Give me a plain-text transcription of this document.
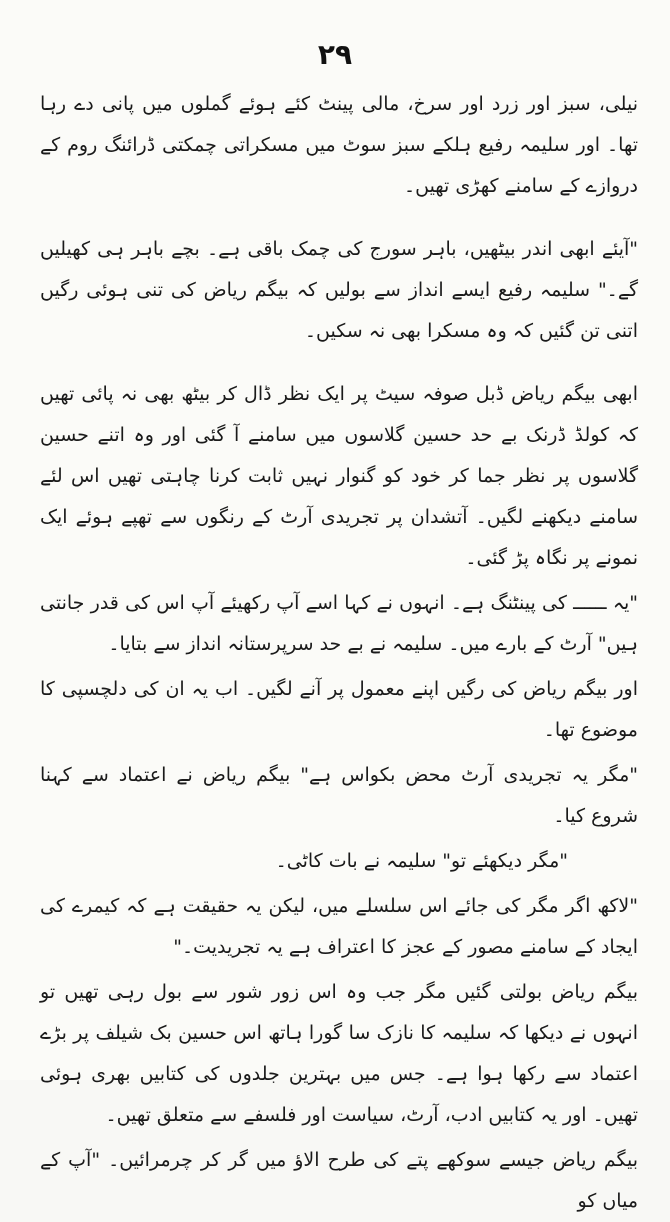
۲۹

نیلی، سبز اور زرد اور سرخ، مالی پینٹ کئے ہوئے گملوں میں پانی دے رہا تھا۔ اور سلیمہ رفیع ہلکے سبز سوٹ میں مسکراتی چمکتی ڈرائنگ روم کے دروازے کے سامنے کھڑی تھیں۔

"آیئے ابھی اندر بیٹھیں، باہر سورج کی چمک باقی ہے۔ بچے باہر ہی کھیلیں گے۔" سلیمہ رفیع ایسے انداز سے بولیں کہ بیگم ریاض کی تنی ہوئی رگیں اتنی تن گئیں کہ وہ مسکرا بھی نہ سکیں۔

ابھی بیگم ریاض ڈبل صوفہ سیٹ پر ایک نظر ڈال کر بیٹھ بھی نہ پائی تھیں کہ کولڈ ڈرنک بے حد حسین گلاسوں میں سامنے آ گئی اور وہ اتنے حسین گلاسوں پر نظر جما کر خود کو گنوار نہیں ثابت کرنا چاہتی تھیں اس لئے سامنے دیکھنے لگیں۔ آتشدان پر تجریدی آرٹ کے رنگوں سے تھپے ہوئے ایک نمونے پر نگاہ پڑ گئی۔

"یہ ــــــ کی پینٹنگ ہے۔ انہوں نے کہا اسے آپ رکھیئے آپ اس کی قدر جانتی ہیں" آرٹ کے بارے میں۔ سلیمہ نے بے حد سرپرستانہ انداز سے بتایا۔

اور بیگم ریاض کی رگیں اپنے معمول پر آنے لگیں۔ اب یہ ان کی دلچسپی کا موضوع تھا۔

"مگر یہ تجریدی آرٹ محض بکواس ہے" بیگم ریاض نے اعتماد سے کہنا شروع کیا۔

"مگر دیکھئے تو" سلیمہ نے بات کاٹی۔

"لاکھ اگر مگر کی جائے اس سلسلے میں، لیکن یہ حقیقت ہے کہ کیمرے کی ایجاد کے سامنے مصور کے عجز کا اعتراف ہے یہ تجریدیت۔"

بیگم ریاض بولتی گئیں مگر جب وہ اس زور شور سے بول رہی تھیں تو انہوں نے دیکھا کہ سلیمہ کا نازک سا گورا ہاتھ اس حسین بک شیلف پر بڑے اعتماد سے رکھا ہوا ہے۔ جس میں بہترین جلدوں کی کتابیں بھری ہوئی تھیں۔ اور یہ کتابیں ادب، آرٹ، سیاست اور فلسفے سے متعلق تھیں۔

بیگم ریاض جیسے سوکھے پتے کی طرح الاؤ میں گر کر چرمرائیں۔ "آپ کے میاں کو
